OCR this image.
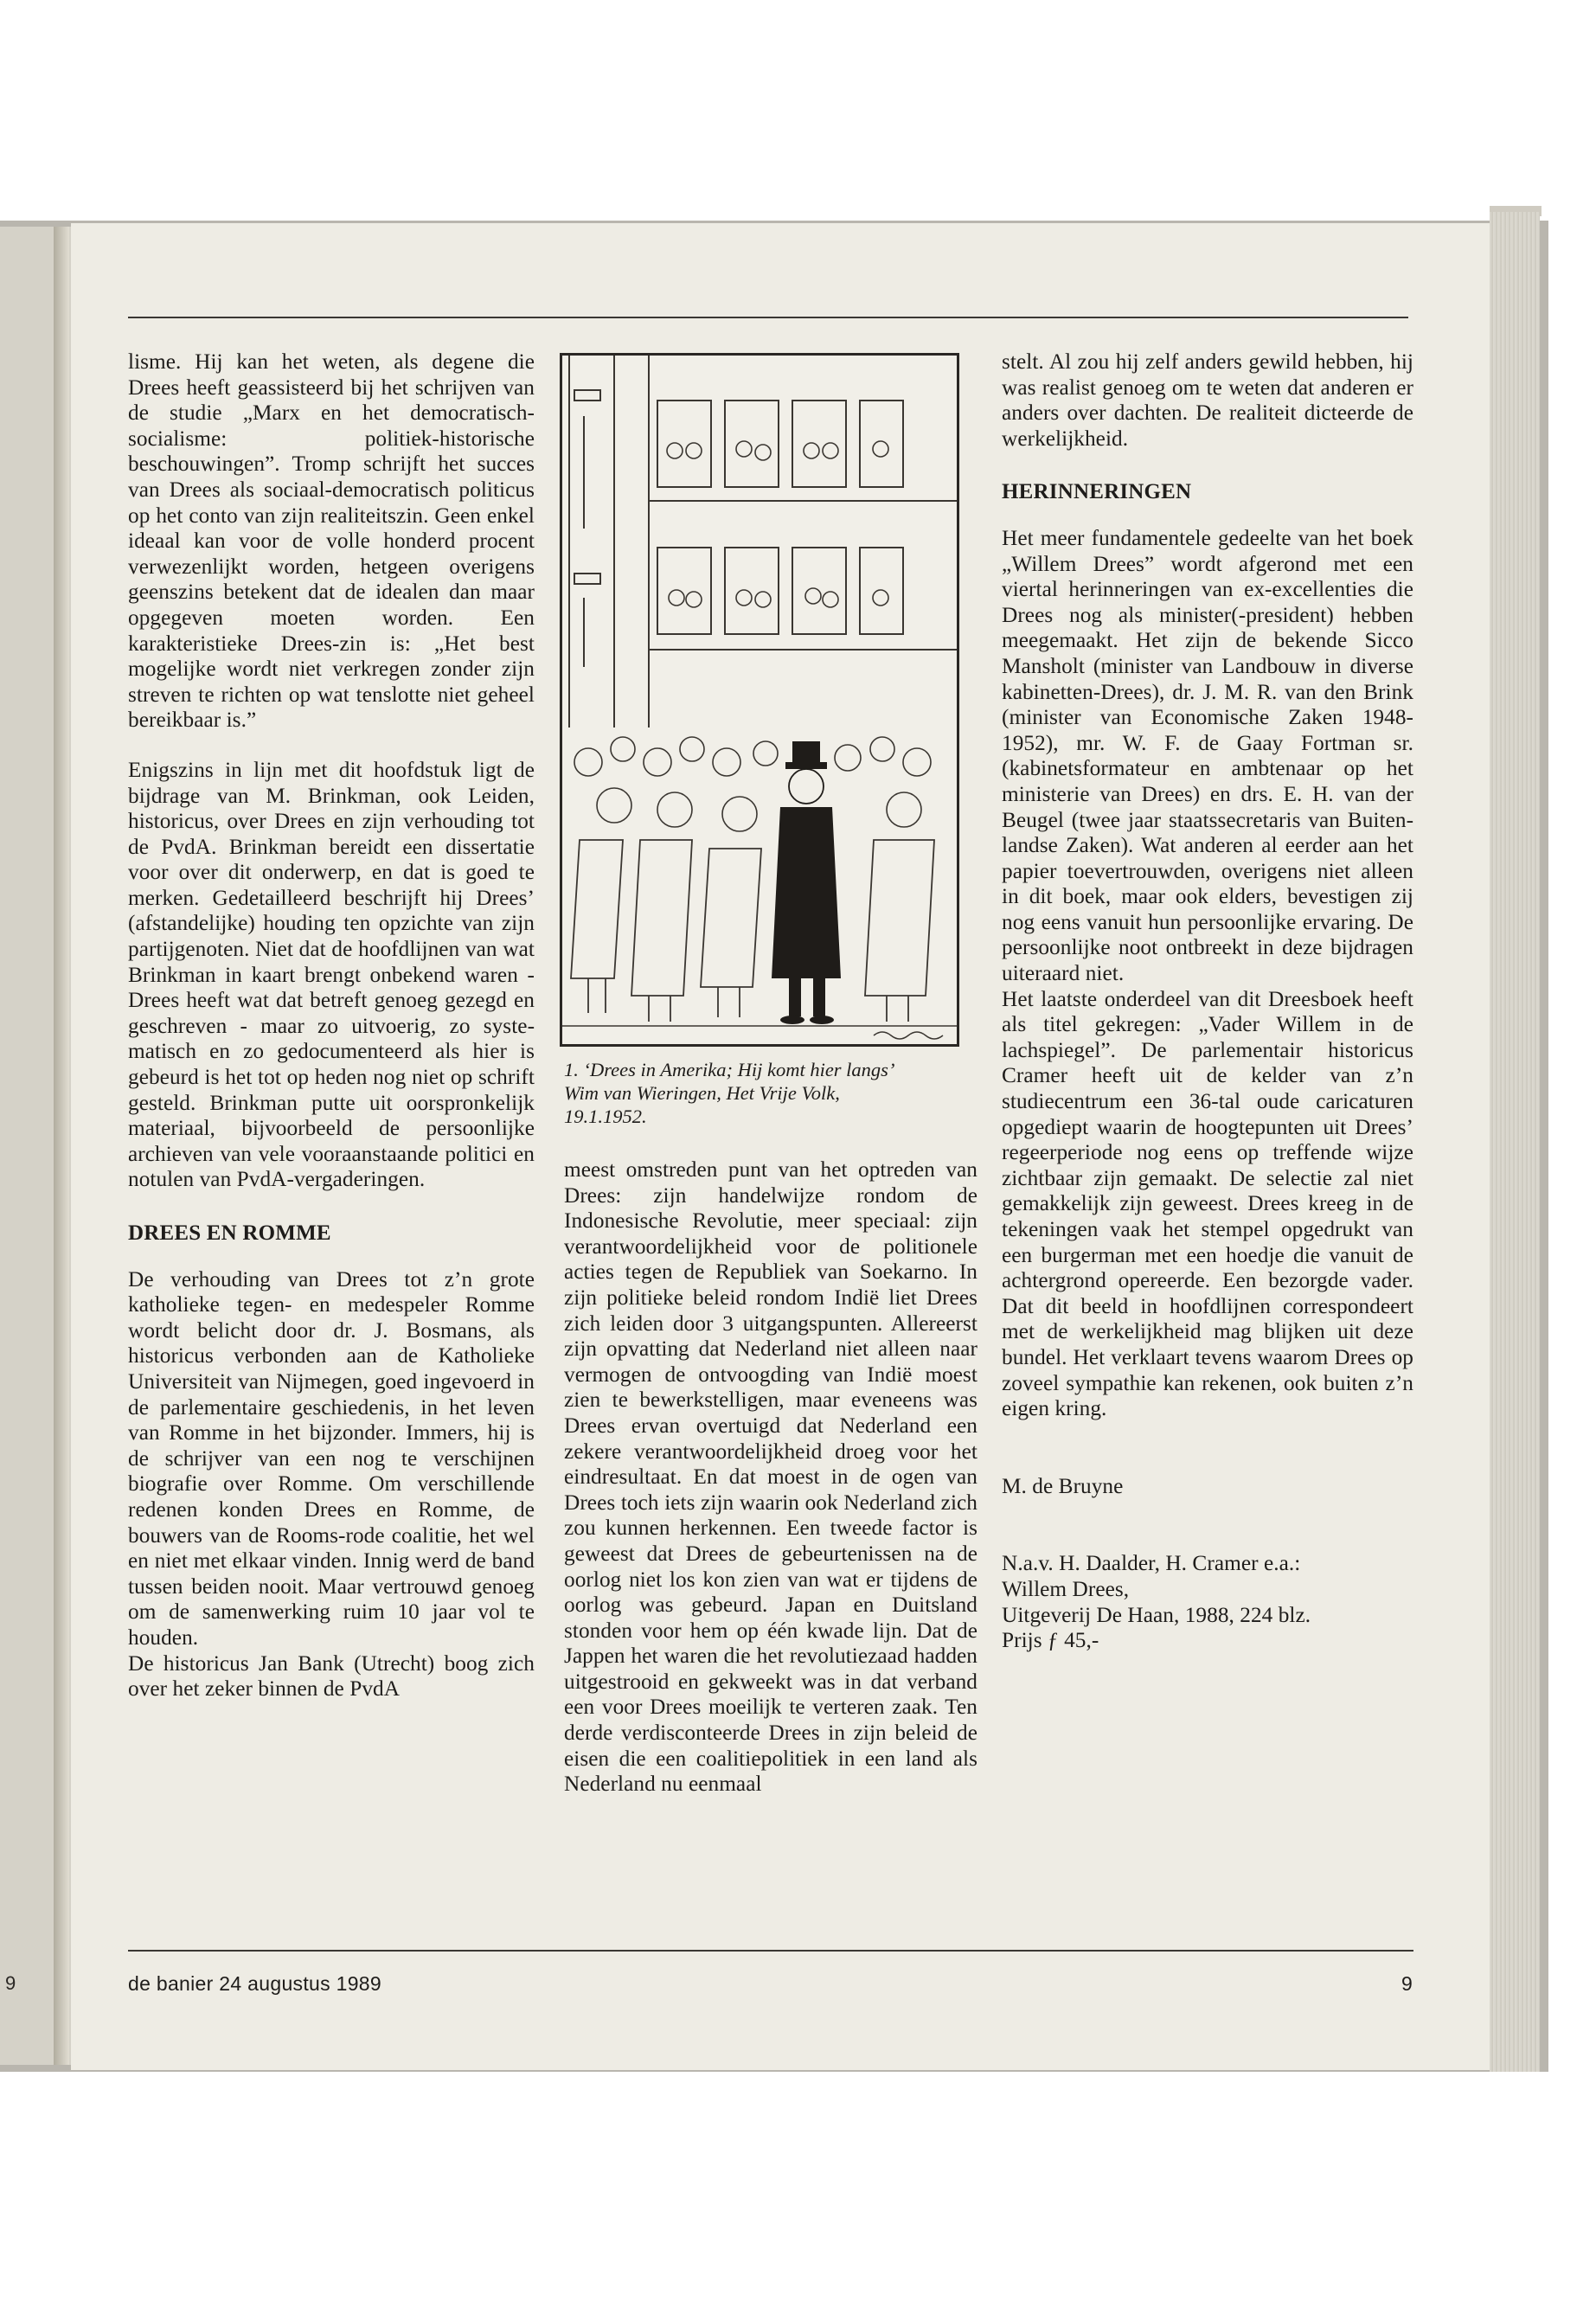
9

lisme. Hij kan het weten, als degene die Drees heeft geassisteerd bij het schrijven van de studie „Marx en het democratisch-socialisme: politiek-historische beschouwingen”. Tromp schrijft het succes van Drees als sociaal-democratisch politicus op het conto van zijn realiteitszin. Geen enkel ideaal kan voor de volle honderd procent verwezenlijkt worden, hetgeen overigens geenszins betekent dat de idealen dan maar opgegeven moeten worden. Een karakteristieke Drees-zin is: „Het best mogelijke wordt niet verkregen zonder zijn streven te richten op wat tenslotte niet geheel bereikbaar is.”

Enigszins in lijn met dit hoofdstuk ligt de bijdrage van M. Brinkman, ook Leiden, historicus, over Drees en zijn verhouding tot de PvdA. Brinkman bereidt een dissertatie voor over dit onderwerp, en dat is goed te merken. Gedetailleerd beschrijft hij Drees’ (afstandelijke) houding ten opzichte van zijn partijgenoten. Niet dat de hoofdlijnen van wat Brinkman in kaart brengt onbekend waren - Drees heeft wat dat betreft genoeg gezegd en geschreven - maar zo uitvoerig, zo systematisch en zo gedocumenteerd als hier is gebeurd is het tot op heden nog niet op schrift gesteld. Brinkman putte uit oorspronkelijk materiaal, bijvoorbeeld de persoonlijke archieven van vele vooraanstaande politici en notulen van PvdA-vergaderingen.

DREES EN ROMME

De verhouding van Drees tot z’n grote katholieke tegen- en medespeler Romme wordt belicht door dr. J. Bosmans, als historicus verbonden aan de Katholieke Universiteit van Nijmegen, goed ingevoerd in de parlementaire geschiedenis, in het leven van Romme in het bijzonder. Immers, hij is de schrijver van een nog te verschijnen biografie over Romme. Om verschillende redenen konden Drees en Romme, de bouwers van de Rooms-rode coalitie, het wel en niet met elkaar vinden. Innig werd de band tussen beiden nooit. Maar vertrouwd genoeg om de samenwerking ruim 10 jaar vol te houden.

De historicus Jan Bank (Utrecht) boog zich over het zeker binnen de PvdA

1. ‘Drees in Amerika; Hij komt hier langs’
Wim van Wieringen, Het Vrije Volk,
19.1.1952.

meest omstreden punt van het optreden van Drees: zijn handelwijze rondom de Indonesische Revolutie, meer speciaal: zijn verantwoordelijkheid voor de politionele acties tegen de Republiek van Soekarno. In zijn politieke beleid rondom Indië liet Drees zich leiden door 3 uitgangspunten. Allereerst zijn opvatting dat Nederland niet alleen naar vermogen de ontvoogding van Indië moest zien te bewerkstelligen, maar eveneens was Drees ervan overtuigd dat Nederland een zekere verantwoordelijkheid droeg voor het eindresultaat. En dat moest in de ogen van Drees toch iets zijn waarin ook Nederland zich zou kunnen herkennen. Een tweede factor is geweest dat Drees de gebeurtenissen na de oorlog niet los kon zien van wat er tijdens de oorlog was gebeurd. Japan en Duitsland stonden voor hem op één kwade lijn. Dat de Jappen het waren die het revolutiezaad hadden uitgestrooid en gekweekt was in dat verband een voor Drees moeilijk te verteren zaak. Ten derde verdisconteerde Drees in zijn beleid de eisen die een coalitiepolitiek in een land als Nederland nu eenmaal

stelt. Al zou hij zelf anders gewild hebben, hij was realist genoeg om te weten dat anderen er anders over dachten. De realiteit dicteerde de werkelijkheid.

HERINNERINGEN

Het meer fundamentele gedeelte van het boek „Willem Drees” wordt afgerond met een viertal herinneringen van ex-excellenties die Drees nog als minister(-president) hebben meegemaakt. Het zijn de bekende Sicco Mansholt (minister van Landbouw in diverse kabinetten-Drees), dr. J. M. R. van den Brink (minister van Economische Zaken 1948-1952), mr. W. F. de Gaay Fortman sr. (kabinetsformateur en ambtenaar op het ministerie van Drees) en drs. E. H. van der Beugel (twee jaar staatssecretaris van Buitenlandse Zaken). Wat anderen al eerder aan het papier toevertrouwden, overigens niet alleen in dit boek, maar ook elders, bevestigen zij nog eens vanuit hun persoonlijke ervaring. De persoonlijke noot ontbreekt in deze bijdragen uiteraard niet.

Het laatste onderdeel van dit Dreesboek heeft als titel gekregen: „Vader Willem in de lachspiegel”. De parlementair historicus Cramer heeft uit de kelder van z’n studiecentrum een 36-tal oude caricaturen opgediept waarin de hoogtepunten uit Drees’ regeerperiode nog eens op treffende wijze zichtbaar zijn gemaakt. De selectie zal niet gemakkelijk zijn geweest. Drees kreeg in de tekeningen vaak het stempel opgedrukt van een burgerman met een hoedje die vanuit de achtergrond opereerde. Een bezorgde vader. Dat dit beeld in hoofdlijnen correspondeert met de werkelijkheid mag blijken uit deze bundel. Het verklaart tevens waarom Drees op zoveel sympathie kan rekenen, ook buiten z’n eigen kring.

M. de Bruyne

N.a.v. H. Daalder, H. Cramer e.a.:
Willem Drees,
Uitgeverij De Haan, 1988, 224 blz.
Prijs ƒ 45,-
de banier 24 augustus 1989	9
